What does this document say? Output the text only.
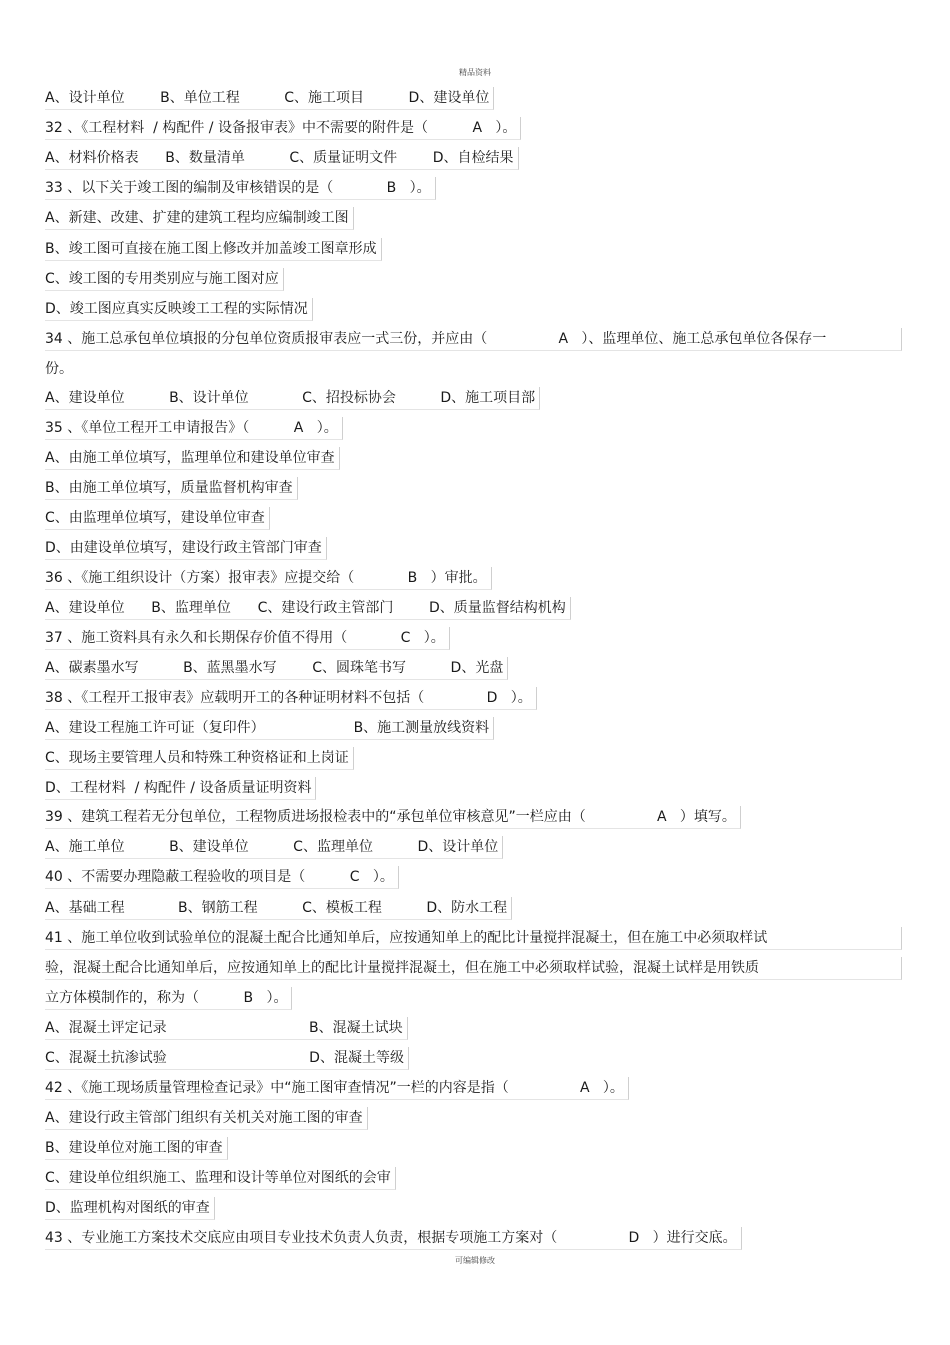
精品资料
A、设计单位        B、单位工程          C、施工项目          D、建设单位
32 、《工程材料  / 构配件 / 设备报审表》中不需要的附件是（          A   ）。
A、材料价格表      B、数量清单          C、质量证明文件        D、自检结果
33 、以下关于竣工图的编制及审核错误的是（            B   ）。
A、新建、改建、扩建的建筑工程均应编制竣工图
B、竣工图可直接在施工图上修改并加盖竣工图章形成
C、竣工图的专用类别应与施工图对应
D、竣工图应真实反映竣工工程的实际情况
34 、施工总承包单位填报的分包单位资质报审表应一式三份，并应由（                A   ）、监理单位、施工总承包单位各保存一
份。
A、建设单位          B、设计单位            C、招投标协会          D、施工项目部
35 、《单位工程开工申请报告》（          A   ）。
A、由施工单位填写，监理单位和建设单位审查
B、由施工单位填写，质量监督机构审查
C、由监理单位填写，建设单位审查
D、由建设单位填写，建设行政主管部门审查
36 、《施工组织设计（方案）报审表》应提交给（            B   ）审批。
A、建设单位      B、监理单位      C、建设行政主管部门        D、质量监督结构机构
37 、施工资料具有永久和长期保存价值不得用（            C   ）。
A、碳素墨水写          B、蓝黑墨水写        C、圆珠笔书写          D、光盘
38 、《工程开工报审表》应载明开工的各种证明材料不包括（              D   ）。
A、建设工程施工许可证（复印件）                    B、施工测量放线资料
C、现场主要管理人员和特殊工种资格证和上岗证
D、工程材料  / 构配件 / 设备质量证明资料
39 、建筑工程若无分包单位，工程物质进场报检表中的“承包单位审核意见”一栏应由（                A   ）填写。
A、施工单位          B、建设单位          C、监理单位          D、设计单位
40 、不需要办理隐蔽工程验收的项目是（          C   ）。
A、基础工程            B、钢筋工程          C、模板工程          D、防水工程
41 、施工单位收到试验单位的混凝土配合比通知单后，应按通知单上的配比计量搅拌混凝土，但在施工中必须取样试
验，混凝土配合比通知单后，应按通知单上的配比计量搅拌混凝土，但在施工中必须取样试验，混凝土试样是用铁质
立方体模制作的，称为（          B   ）。
A、混凝土评定记录                                B、混凝土试块
C、混凝土抗渗试验                                D、混凝土等级
42 、《施工现场质量管理检查记录》中“施工图审查情况”一栏的内容是指（                A   ）。
A、建设行政主管部门组织有关机关对施工图的审查
B、建设单位对施工图的审查
C、建设单位组织施工、监理和设计等单位对图纸的会审
D、监理机构对图纸的审查
43 、专业施工方案技术交底应由项目专业技术负责人负责，根据专项施工方案对（                D   ）进行交底。
可编辑修改
